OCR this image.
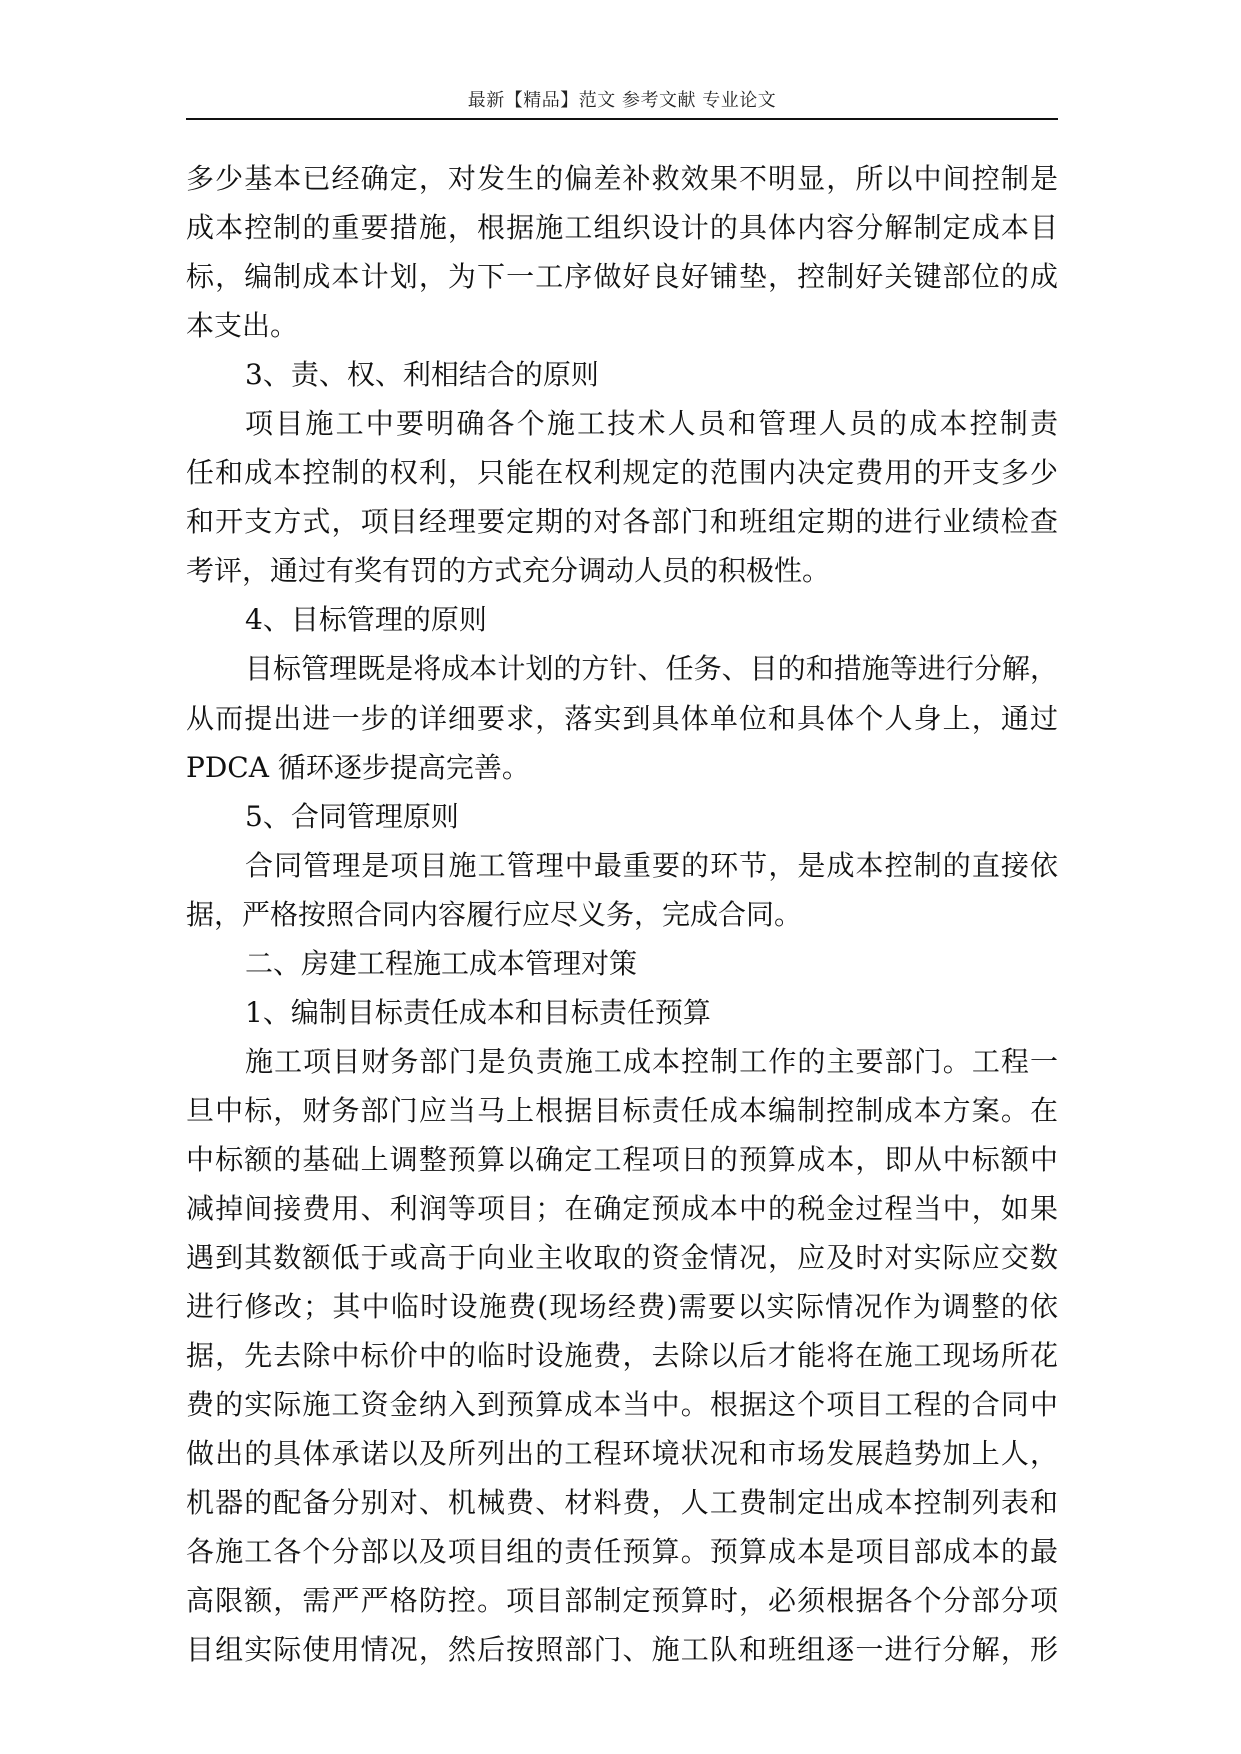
最新【精品】范文 参考文献 专业论文
多少基本已经确定，对发生的偏差补救效果不明显，所以中间控制是
成本控制的重要措施，根据施工组织设计的具体内容分解制定成本目
标，编制成本计划，为下一工序做好良好铺垫，控制好关键部位的成
本支出。
3、责、权、利相结合的原则
项目施工中要明确各个施工技术人员和管理人员的成本控制责
任和成本控制的权利，只能在权利规定的范围内决定费用的开支多少
和开支方式，项目经理要定期的对各部门和班组定期的进行业绩检查
考评，通过有奖有罚的方式充分调动人员的积极性。
4、目标管理的原则
目标管理既是将成本计划的方针、任务、目的和措施等进行分解，
从而提出进一步的详细要求，落实到具体单位和具体个人身上，通过
PDCA 循环逐步提高完善。
5、合同管理原则
合同管理是项目施工管理中最重要的环节，是成本控制的直接依
据，严格按照合同内容履行应尽义务，完成合同。
二、房建工程施工成本管理对策
1、编制目标责任成本和目标责任预算
施工项目财务部门是负责施工成本控制工作的主要部门。工程一
旦中标，财务部门应当马上根据目标责任成本编制控制成本方案。在
中标额的基础上调整预算以确定工程项日的预算成本，即从中标额中
减掉间接费用、利润等项目；在确定预成本中的税金过程当中，如果
遇到其数额低于或高于向业主收取的资金情况，应及时对实际应交数
进行修改；其中临时设施费(现场经费)需要以实际情况作为调整的依
据，先去除中标价中的临时设施费，去除以后才能将在施工现场所花
费的实际施工资金纳入到预算成本当中。根据这个项目工程的合同中
做出的具体承诺以及所列出的工程环境状况和市场发展趋势加上人，
机器的配备分别对、机械费、材料费，人工费制定出成本控制列表和
各施工各个分部以及项目组的责任预算。预算成本是项目部成本的最
高限额，需严严格防控。项目部制定预算时，必须根据各个分部分项
目组实际使用情况，然后按照部门、施工队和班组逐一进行分解，形
